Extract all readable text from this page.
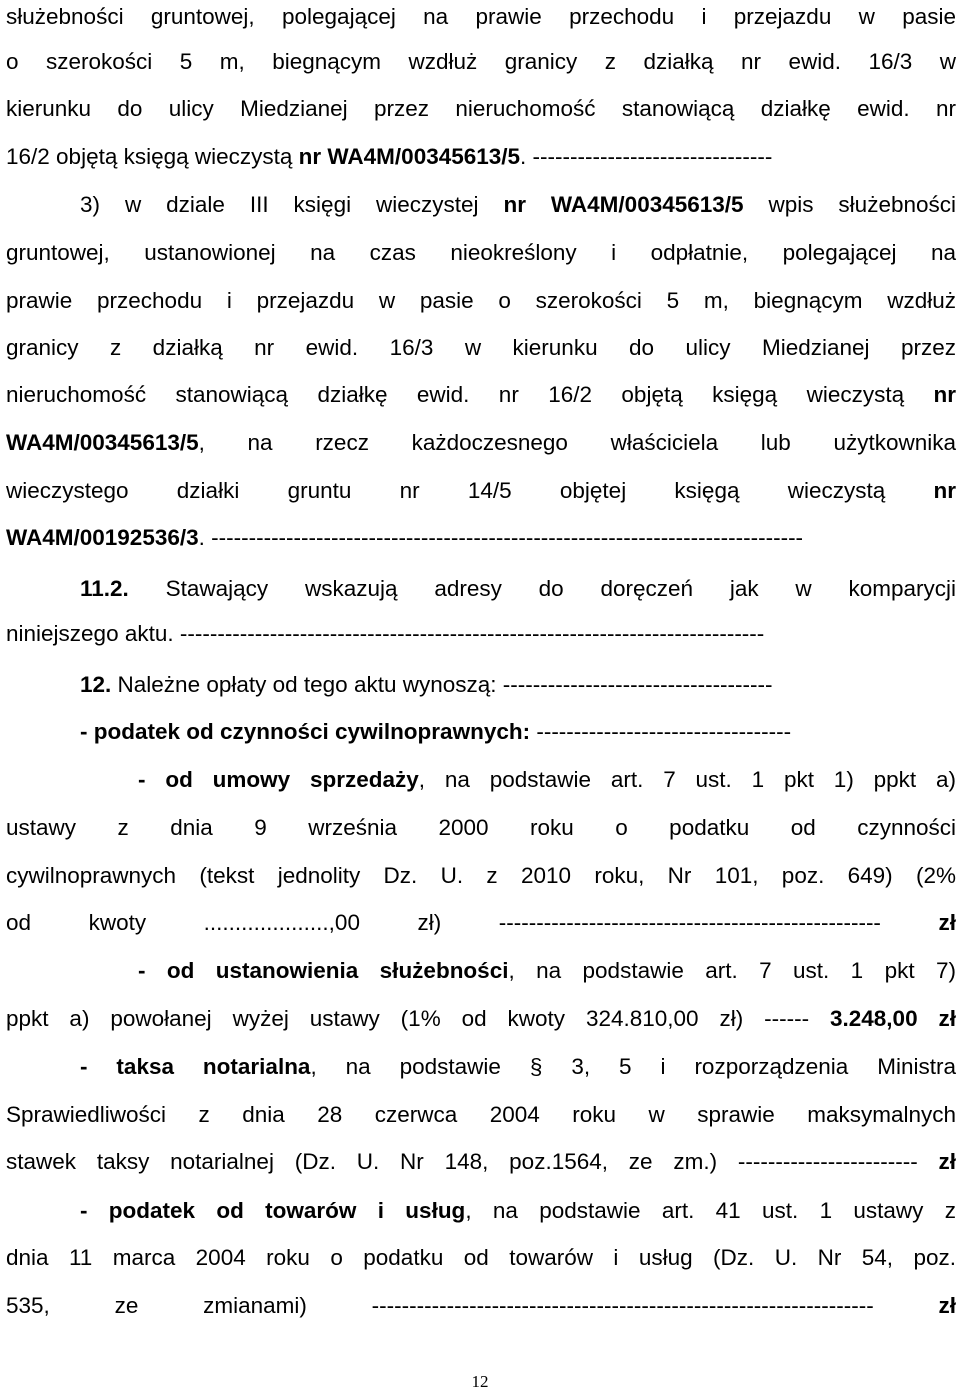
służebności gruntowej, polegającej na prawie przechodu i przejazdu w pasie
o szerokości 5 m, biegnącym wzdłuż granicy z działką nr ewid. 16/3 w
kierunku do ulicy Miedzianej przez nieruchomość stanowiącą działkę ewid. nr
16/2 objętą księgą wieczystą nr WA4M/00345613/5. --------------------------------
3) w dziale III księgi wieczystej nr WA4M/00345613/5 wpis służebności
gruntowej, ustanowionej na czas nieokreślony i odpłatnie, polegającej na
prawie przechodu i przejazdu w pasie o szerokości 5 m, biegnącym wzdłuż
granicy z działką nr ewid. 16/3 w kierunku do ulicy Miedzianej przez
nieruchomość stanowiącą działkę ewid. nr 16/2 objętą księgą wieczystą nr
WA4M/00345613/5, na rzecz każdoczesnego właściciela lub użytkownika
wieczystego działki gruntu nr 14/5 objętej księgą wieczystą nr
WA4M/00192536/3. -------------------------------------------------------------------------------
11.2. Stawający wskazują adresy do doręczeń jak w komparycji
niniejszego aktu. ------------------------------------------------------------------------------
12. Należne opłaty od tego aktu wynoszą: ------------------------------------
- podatek od czynności cywilnoprawnych: ----------------------------------
- od umowy sprzedaży, na podstawie art. 7 ust. 1 pkt 1) ppkt a)
ustawy z dnia 9 września 2000 roku o podatku od czynności
cywilnoprawnych (tekst jednolity Dz. U. z 2010 roku, Nr 101, poz. 649) (2%
od kwoty ....................,00 zł) --------------------------------------------------- zł
- od ustanowienia służebności, na podstawie art. 7 ust. 1 pkt 7)
ppkt a) powołanej wyżej ustawy (1% od kwoty 324.810,00 zł) ------ 3.248,00 zł
- taksa notarialna, na podstawie § 3, 5 i rozporządzenia Ministra
Sprawiedliwości z dnia 28 czerwca 2004 roku w sprawie maksymalnych
stawek taksy notarialnej (Dz. U. Nr 148, poz.1564, ze zm.) ------------------------ zł
- podatek od towarów i usług, na podstawie art. 41 ust. 1 ustawy z
dnia 11 marca 2004 roku o podatku od towarów i usług (Dz. U. Nr 54, poz.
535, ze zmianami) ------------------------------------------------------------------- zł
12
